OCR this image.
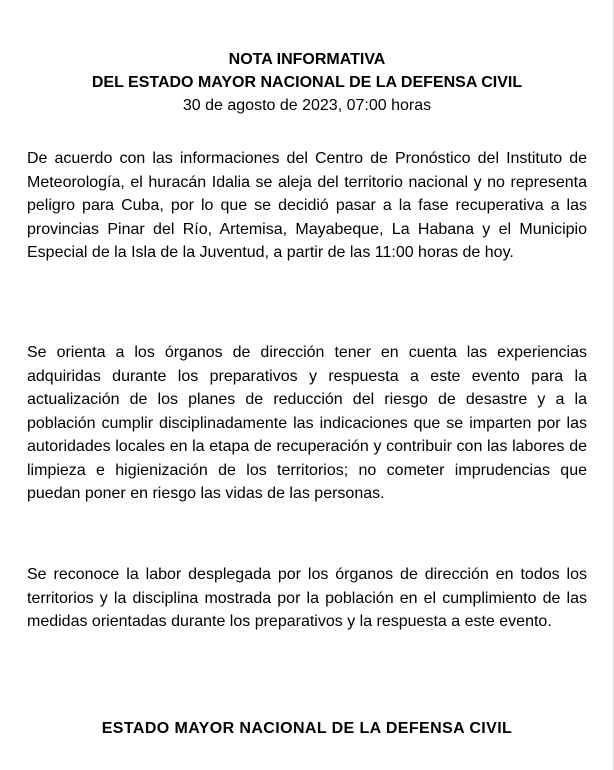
NOTA INFORMATIVA
DEL ESTADO MAYOR NACIONAL DE LA DEFENSA CIVIL
30 de agosto de 2023, 07:00 horas

De acuerdo con las informaciones del Centro de Pronóstico del Instituto de Meteorología, el huracán Idalia se aleja del territorio nacional y no representa peligro para Cuba, por lo que se decidió pasar a la fase recuperativa a las provincias Pinar del Río, Artemisa, Mayabeque, La Habana y el Municipio Especial de la Isla de la Juventud, a partir de las 11:00 horas de hoy.

Se orienta a los órganos de dirección tener en cuenta las experiencias adquiridas durante los preparativos y respuesta a este evento para la actualización de los planes de reducción del riesgo de desastre y a la población cumplir disciplinadamente las indicaciones que se imparten por las autoridades locales en la etapa de recuperación y contribuir con las labores de limpieza e higienización de los territorios; no cometer imprudencias que puedan poner en riesgo las vidas de las personas.

Se reconoce la labor desplegada por los órganos de dirección en todos los territorios y la disciplina mostrada por la población en el cumplimiento de las medidas orientadas durante los preparativos y la respuesta a este evento.

ESTADO MAYOR NACIONAL DE LA DEFENSA CIVIL
